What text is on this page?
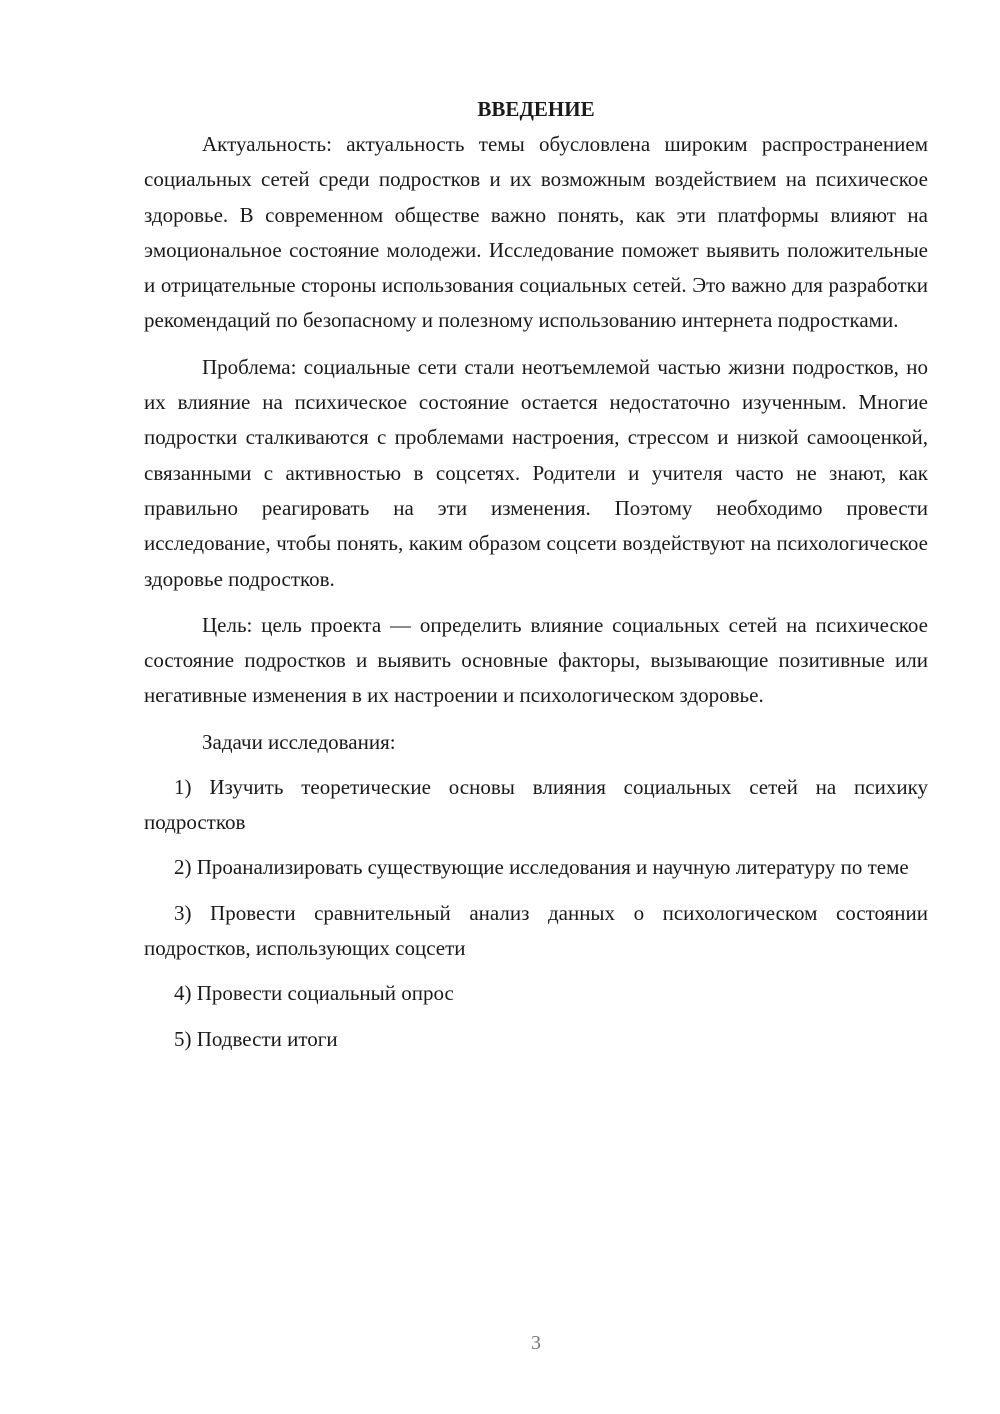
ВВЕДЕНИЕ

Актуальность: актуальность темы обусловлена широким распространением социальных сетей среди подростков и их возможным воздействием на психическое здоровье. В современном обществе важно понять, как эти платформы влияют на эмоциональное состояние молодежи. Исследование поможет выявить положительные и отрицательные стороны использования социальных сетей. Это важно для разработки рекомендаций по безопасному и полезному использованию интернета подростками.

Проблема: социальные сети стали неотъемлемой частью жизни подростков, но их влияние на психическое состояние остается недостаточно изученным. Многие подростки сталкиваются с проблемами настроения, стрессом и низкой самооценкой, связанными с активностью в соцсетях. Родители и учителя часто не знают, как правильно реагировать на эти изменения. Поэтому необходимо провести исследование, чтобы понять, каким образом соцсети воздействуют на психологическое здоровье подростков.

Цель: цель проекта — определить влияние социальных сетей на психическое состояние подростков и выявить основные факторы, вызывающие позитивные или негативные изменения в их настроении и психологическом здоровье.

Задачи исследования:

1) Изучить теоретические основы влияния социальных сетей на психику подростков

2) Проанализировать существующие исследования и научную литературу по теме

3) Провести сравнительный анализ данных о психологическом состоянии подростков, использующих соцсети

4) Провести социальный опрос

5) Подвести итоги

3
